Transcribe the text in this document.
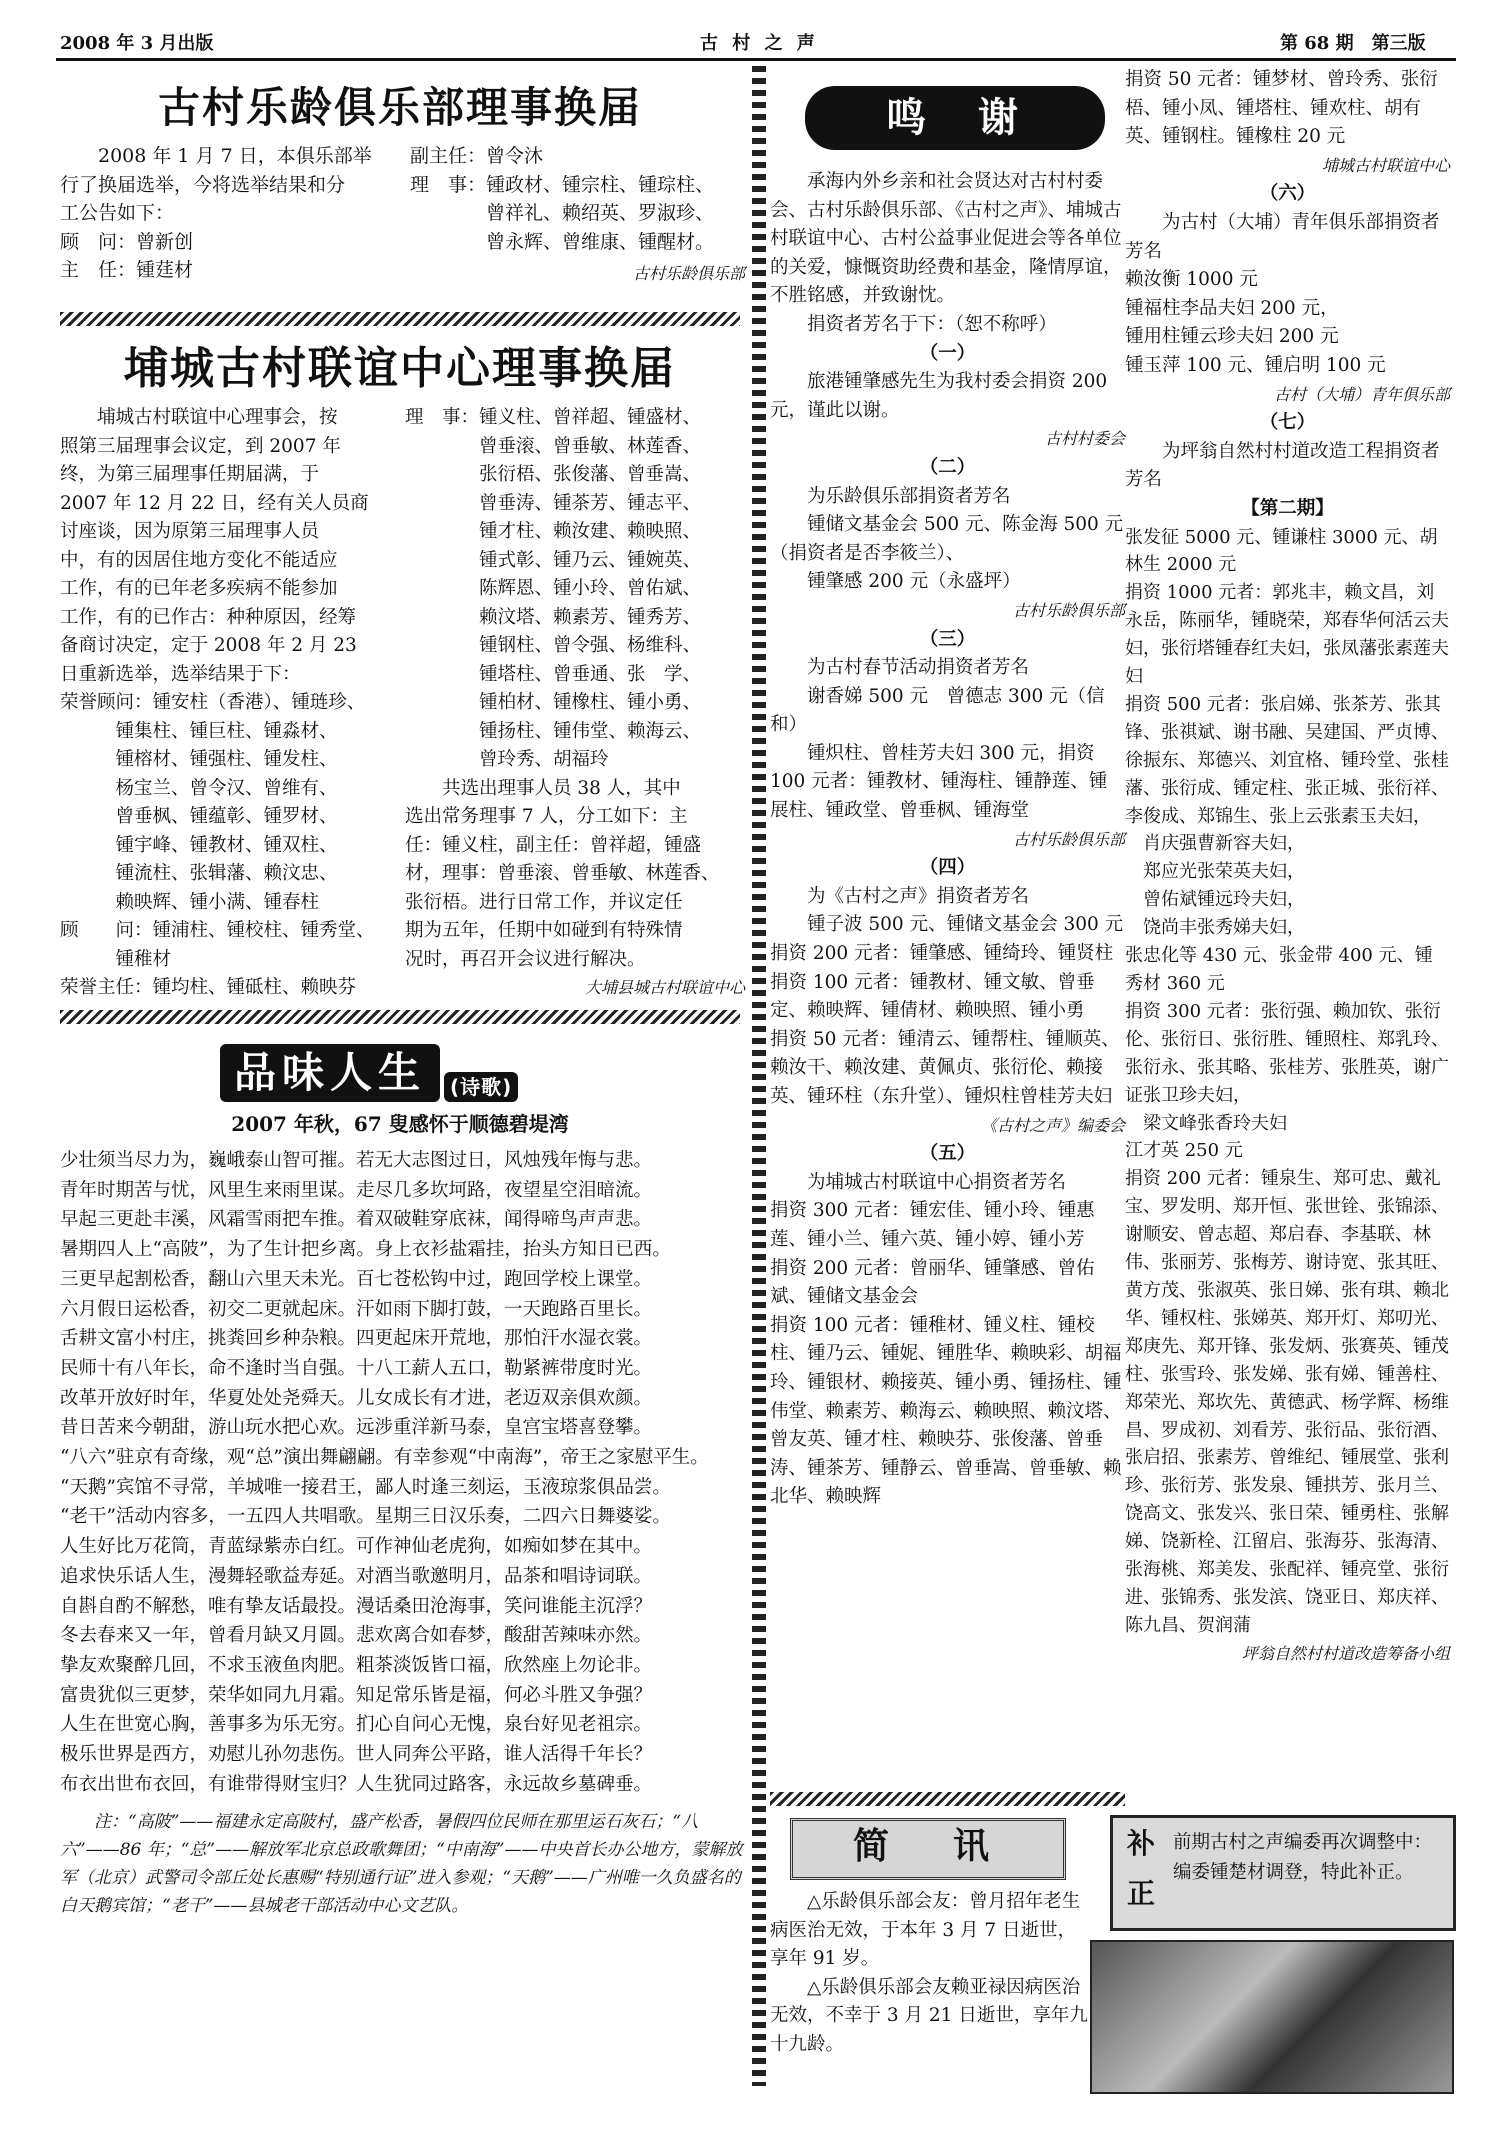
2008 年 3 月出版	古 村 之 声	第 68 期　第三版
古村乐龄俱乐部理事换届

　　2008 年 1 月 7 日，本俱乐部举
行了换届选举，今将选举结果和分
工公告如下：
顾　问：曾新创
主　任：锺莛材

副主任：曾令沐
理　事：锺政材、锺宗柱、锺琮柱、
　　　　曾祥礼、赖绍英、罗淑珍、
　　　　曾永辉、曾维康、锺醒材。

古村乐龄俱乐部
埔城古村联谊中心理事换届

　　埔城古村联谊中心理事会，按
照第三届理事会议定，到 2007 年
终，为第三届理事任期届满，于
2007 年 12 月 22 日，经有关人员商
讨座谈，因为原第三届理事人员
中，有的因居住地方变化不能适应
工作，有的已年老多疾病不能参加
工作，有的已作古：种种原因，经筹
备商讨决定，定于 2008 年 2 月 23
日重新选举，选举结果于下：
荣誉顾问：锺安柱（香港）、锺琏珍、
　　　锺集柱、锺巨柱、锺淼材、
　　　锺榕材、锺强柱、锺发柱、
　　　杨宝兰、曾令汉、曾维有、
　　　曾垂枫、锺蕴彰、锺罗材、
　　　锺宇峰、锺教材、锺双柱、
　　　锺流柱、张辑藩、赖汶忠、
　　　赖映辉、锺小满、锺春柱
顾　　问：锺浦柱、锺校柱、锺秀堂、
　　　锺稚材
荣誉主任：锺均柱、锺砥柱、赖映芬

理　事：锺义柱、曾祥超、锺盛材、
　　　　曾垂滚、曾垂敏、林莲香、
　　　　张衍梧、张俊藩、曾垂嵩、
　　　　曾垂涛、锺茶芳、锺志平、
　　　　锺才柱、赖汝建、赖映照、
　　　　锺式彰、锺乃云、锺婉英、
　　　　陈辉恩、锺小玲、曾佑斌、
　　　　赖汶塔、赖素芳、锺秀芳、
　　　　锺钢柱、曾令强、杨维科、
　　　　锺塔柱、曾垂通、张　学、
　　　　锺柏材、锺橡柱、锺小勇、
　　　　锺扬柱、锺伟堂、赖海云、
　　　　曾玲秀、胡福玲
　　共选出理事人员 38 人，其中
选出常务理事 7 人，分工如下：主
任：锺义柱，副主任：曾祥超，锺盛
材，理事：曾垂滚、曾垂敏、林莲香、
张衍梧。进行日常工作，并议定任
期为五年，任期中如碰到有特殊情
况时，再召开会议进行解决。

大埔县城古村联谊中心
品味人生	(诗歌)
2007 年秋，67 叟感怀于顺德碧堤湾
少壮须当尽力为，巍峨泰山智可摧。若无大志图过日，风烛残年悔与悲。
青年时期苦与忧，风里生来雨里谋。走尽几多坎坷路，夜望星空泪暗流。
早起三更赴丰溪，风霜雪雨把车推。着双破鞋穿底袜，闻得啼鸟声声悲。
暑期四人上“高陂”，为了生计把乡离。身上衣衫盐霜挂，抬头方知日已西。
三更早起割松香，翻山六里天未光。百七苍松钩中过，跑回学校上课堂。
六月假日运松香，初交二更就起床。汗如雨下脚打鼓，一天跑路百里长。
舌耕文富小村庄，挑粪回乡种杂粮。四更起床开荒地，那怕汗水湿衣裳。
民师十有八年长，命不逢时当自强。十八工薪人五口，勒紧裤带度时光。
改革开放好时年，华夏处处尧舜天。儿女成长有才进，老迈双亲俱欢颜。
昔日苦来今朝甜，游山玩水把心欢。远涉重洋新马泰，皇宫宝塔喜登攀。
“八六”驻京有奇缘，观“总”演出舞翩翩。有幸参观“中南海”，帝王之家慰平生。
“天鹅”宾馆不寻常，羊城唯一接君王，鄙人时逢三刻运，玉液琼浆俱品尝。
“老干”活动内容多，一五四人共唱歌。星期三日汉乐奏，二四六日舞婆娑。
人生好比万花筒，青蓝绿紫赤白红。可作神仙老虎狗，如痴如梦在其中。
追求快乐话人生，漫舞轻歌益寿延。对酒当歌邀明月，品茶和唱诗词联。
自斟自酌不解愁，唯有挚友话最投。漫话桑田沧海事，笑问谁能主沉浮？
冬去春来又一年，曾看月缺又月圆。悲欢离合如春梦，酸甜苦辣味亦然。
挚友欢聚醉几回，不求玉液鱼肉肥。粗茶淡饭皆口福，欣然座上勿论非。
富贵犹似三更梦，荣华如同九月霜。知足常乐皆是福，何必斗胜又争强？
人生在世宽心胸，善事多为乐无穷。扪心自问心无愧，泉台好见老祖宗。
极乐世界是西方，劝慰儿孙勿悲伤。世人同奔公平路，谁人活得千年长？
布衣出世布衣回，有谁带得财宝归？人生犹同过路客，永远故乡墓碑垂。

　　注：“高陂”——福建永定高陂村，盛产松香，暑假四位民师在那里运石灰石；“八六”——86 年；“总”——解放军北京总政歌舞团；“中南海”——中央首长办公地方，蒙解放军（北京）武警司令部丘处长惠赐“特别通行证”进入参观；“天鹅”——广州唯一久负盛名的白天鹅宾馆；“老干”——县城老干部活动中心文艺队。

鸣　谢

　　承海内外乡亲和社会贤达对古村村委会、古村乐龄俱乐部、《古村之声》、埔城古村联谊中心、古村公益事业促进会等各单位的关爱，慷慨资助经费和基金，隆情厚谊，不胜铭感，并致谢忱。
　　捐资者芳名于下：（恕不称呼）

（一）

　　旅港锺肇感先生为我村委会捐资 200 元，谨此以谢。

古村村委会
（二）

　　为乐龄俱乐部捐资者芳名
　　锺储文基金会 500 元、陈金海 500 元（捐资者是否李筱兰）、
　　锺肇感 200 元（永盛坪）

古村乐龄俱乐部
（三）

　　为古村春节活动捐资者芳名
　　谢香娣 500 元　曾德志 300 元（信和）
　　锺炽柱、曾桂芳夫妇 300 元，捐资 100 元者：锺教材、锺海柱、锺静莲、锺展柱、锺政堂、曾垂枫、锺海堂

古村乐龄俱乐部
（四）

　　为《古村之声》捐资者芳名
　　锺子波 500 元、锺储文基金会 300 元
捐资 200 元者：锺肇感、锺绮玲、锺贤柱
捐资 100 元者：锺教材、锺文敏、曾垂定、赖映辉、锺倩材、赖映照、锺小勇
捐资 50 元者：锺清云、锺帮柱、锺顺英、赖汝干、赖汝建、黄佩贞、张衍伦、赖接英、锺环柱（东升堂）、锺炽柱曾桂芳夫妇

《古村之声》编委会
（五）

　　为埔城古村联谊中心捐资者芳名
捐资 300 元者：锺宏佳、锺小玲、锺惠莲、锺小兰、锺六英、锺小婷、锺小芳
捐资 200 元者：曾丽华、锺肇感、曾佑斌、锺储文基金会
捐资 100 元者：锺稚材、锺义柱、锺校柱、锺乃云、锺妮、锺胜华、赖映彩、胡福玲、锺银材、赖接英、锺小勇、锺扬柱、锺伟堂、赖素芳、赖海云、赖映照、赖汶塔、曾友英、锺才柱、赖映芬、张俊藩、曾垂涛、锺茶芳、锺静云、曾垂嵩、曾垂敏、赖北华、赖映辉

简　讯

　　△乐龄俱乐部会友：曾月招年老生病医治无效，于本年 3 月 7 日逝世，享年 91 岁。
　　△乐龄俱乐部会友赖亚禄因病医治无效，不幸于 3 月 21 日逝世，享年九十九龄。

捐资 50 元者：锺梦材、曾玲秀、张衍梧、锺小凤、锺塔柱、锺欢柱、胡有英、锺钢柱。锺橡柱 20 元

埔城古村联谊中心
（六）

　　为古村（大埔）青年俱乐部捐资者芳名
赖汝衡 1000 元
锺福柱李品夫妇 200 元，
锺用柱锺云珍夫妇 200 元
锺玉萍 100 元、锺启明 100 元

古村（大埔）青年俱乐部
（七）

　　为坪翁自然村村道改造工程捐资者芳名

【第二期】

张发征 5000 元、锺谦柱 3000 元、胡林生 2000 元
捐资 1000 元者：郭兆丰，赖文昌，刘永岳，陈丽华，锺晓荣，郑春华何活云夫妇，张衍塔锺春红夫妇，张凤藩张素莲夫妇
捐资 500 元者：张启娣、张茶芳、张其锋、张祺斌、谢书融、吴建国、严贞博、徐振东、郑德兴、刘宜格、锺玲堂、张桂藩、张衍成、锺定柱、张正城、张衍祥、李俊成、郑锦生、张上云张素玉夫妇，
　肖庆强曹新容夫妇，
　郑应光张荣英夫妇，
　曾佑斌锺远玲夫妇，
　饶尚丰张秀娣夫妇，
张忠化等 430 元、张金带 400 元、锺秀材 360 元
捐资 300 元者：张衍强、赖加钦、张衍伦、张衍日、张衍胜、锺照柱、郑乳玲、张衍永、张其略、张桂芳、张胜英，谢广证张卫珍夫妇，
　梁文峰张香玲夫妇
江才英 250 元
捐资 200 元者：锺泉生、郑可忠、戴礼宝、罗发明、郑开恒、张世铨、张锦添、谢顺安、曾志超、郑启春、李基联、林伟、张丽芳、张梅芳、谢诗宽、张其旺、黄方茂、张淑英、张日娣、张有琪、赖北华、锺权柱、张娣英、郑开灯、郑叨光、郑庚先、郑开锋、张发炳、张赛英、锺茂柱、张雪玲、张发娣、张有娣、锺善柱、郑荣光、郑坎先、黄德武、杨学辉、杨维昌、罗成初、刘看芳、张衍品、张衍酒、张启招、张素芳、曾维纪、锺展堂、张利珍、张衍芳、张发泉、锺拱芳、张月兰、饶高文、张发兴、张日荣、锺勇柱、张解娣、饶新栓、江留启、张海芬、张海清、张海桃、郑美发、张配祥、锺亮堂、张衍进、张锦秀、张发滨、饶亚日、郑庆祥、陈九昌、贺润蒲

坪翁自然村村道改造筹备小组
补
正
前期古村之声编委再次调整中：编委锺楚材调登，特此补正。
